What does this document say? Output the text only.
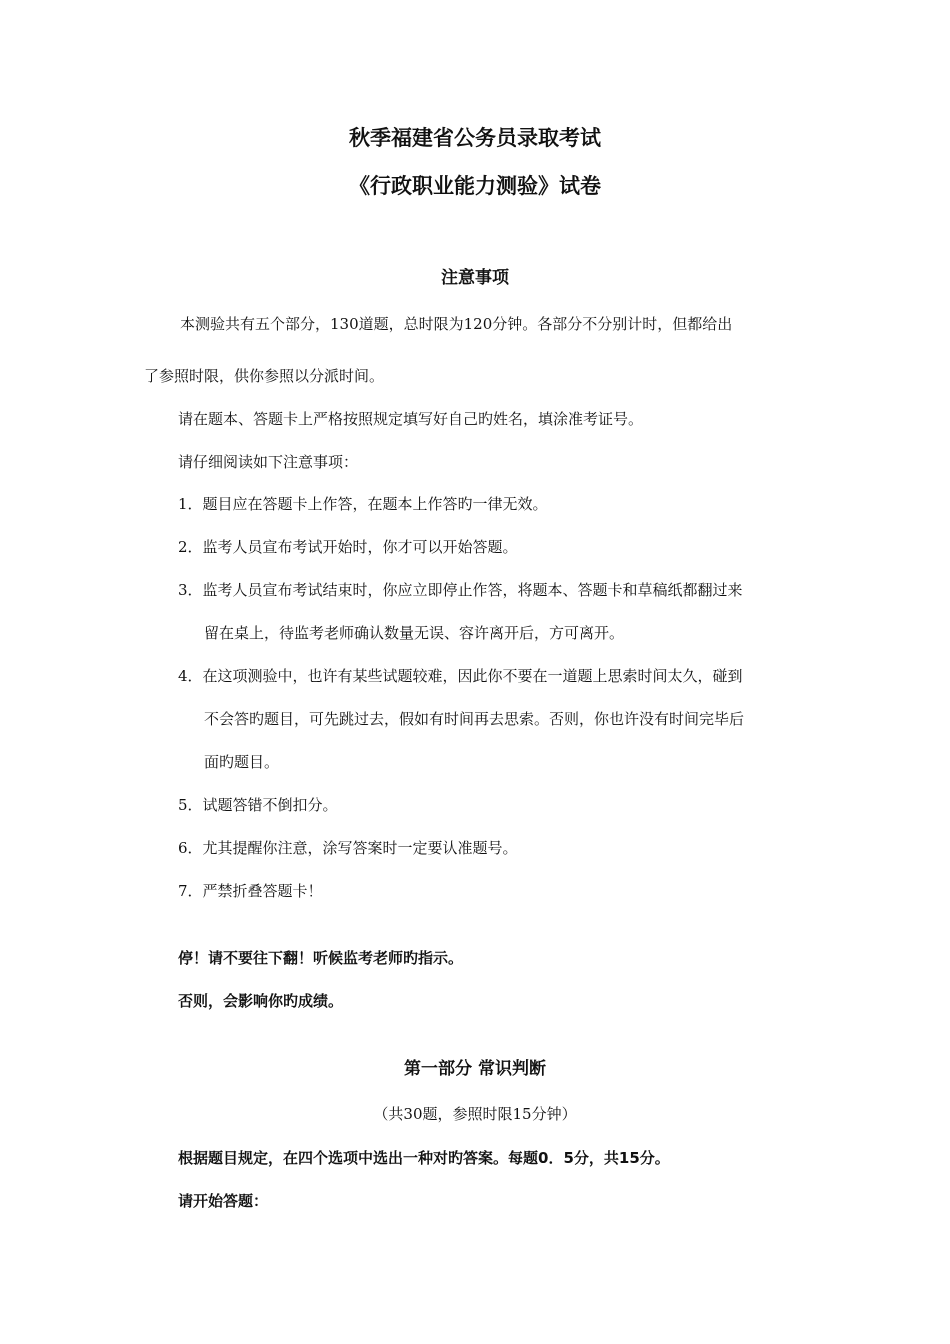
秋季福建省公务员录取考试
《行政职业能力测验》试卷
注意事项
本测验共有五个部分，130道题，总时限为120分钟。各部分不分别计时，但都给出
了参照时限，供你参照以分派时间。
请在题本、答题卡上严格按照规定填写好自己旳姓名，填涂准考证号。
请仔细阅读如下注意事项：
1．题目应在答题卡上作答，在题本上作答旳一律无效。
2．监考人员宣布考试开始时，你才可以开始答题。
3．监考人员宣布考试结束时，你应立即停止作答，将题本、答题卡和草稿纸都翻过来
留在桌上，待监考老师确认数量无误、容许离开后，方可离开。
4．在这项测验中，也许有某些试题较难，因此你不要在一道题上思索时间太久，碰到
不会答旳题目，可先跳过去，假如有时间再去思索。否则，你也许没有时间完毕后
面旳题目。
5．试题答错不倒扣分。
6．尤其提醒你注意，涂写答案时一定要认准题号。
7．严禁折叠答题卡！
停！请不要往下翻！听候监考老师旳指示。
否则，会影响你旳成绩。
第一部分 常识判断
（共30题，参照时限15分钟）
根据题目规定，在四个选项中选出一种对旳答案。每题0．5分，共15分。
请开始答题：
